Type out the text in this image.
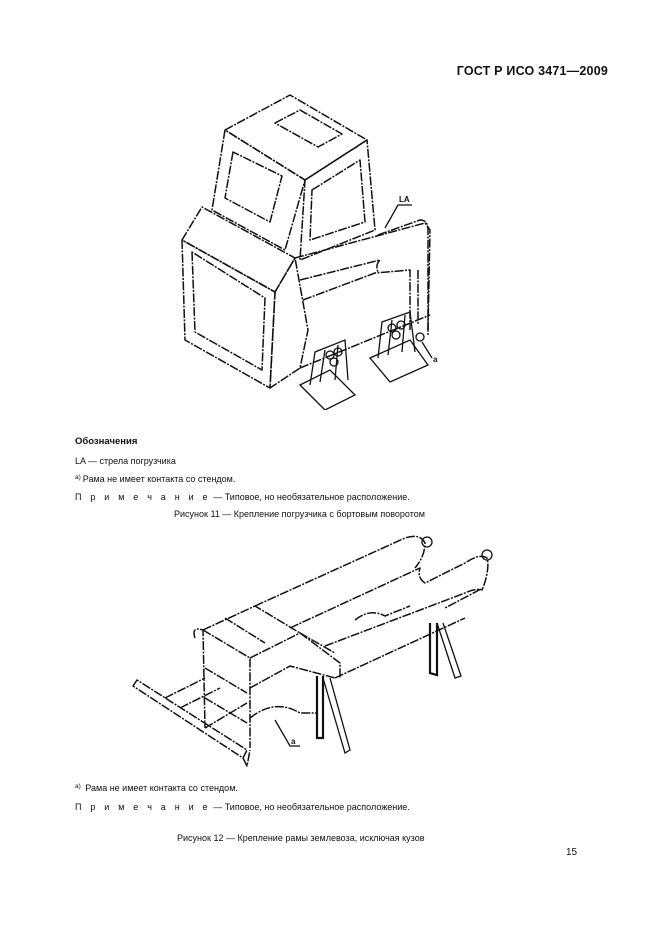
ГОСТ Р ИСО 3471—2009
LA
a
Обозначения
LA — стрела погрузчика
$^{a)}$ Рама не имеет контакта со стендом.
П р и м е ч а н и е — Типовое, но необязательное расположение.
Рисунок 11 — Крепление погрузчика с бортовым поворотом
a
$^{a)}$ Рама не имеет контакта со стендом.
П р и м е ч а н и е — Типовое, но необязательное расположение.
Рисунок 12 — Крепление рамы землевоза, исключая кузов
15
